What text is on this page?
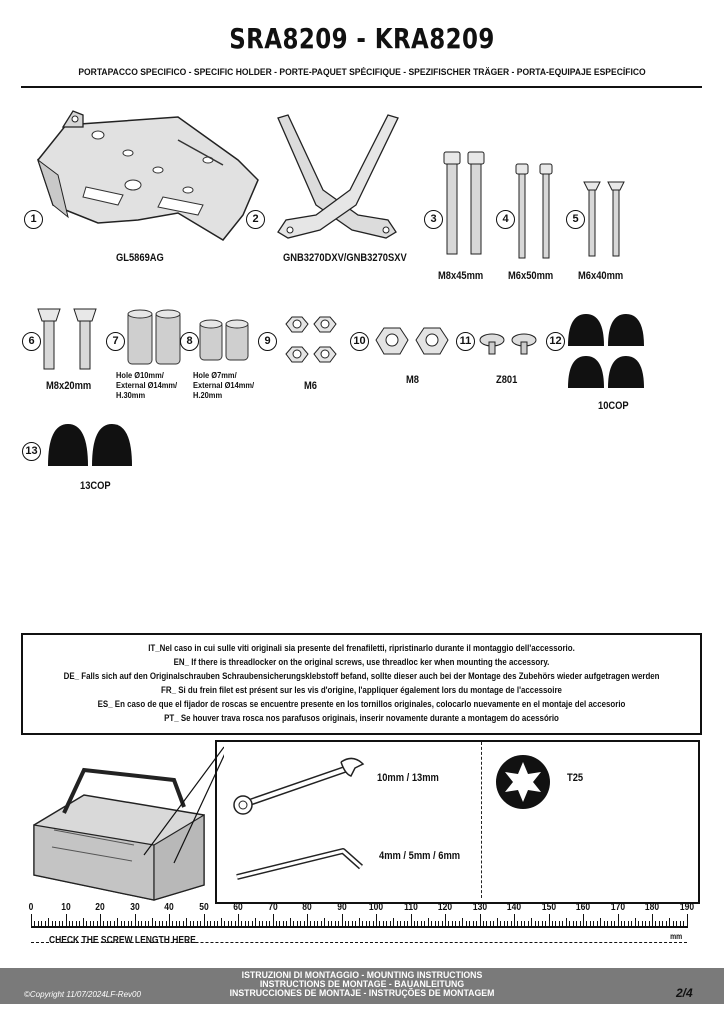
SRA8209 - KRA8209
PORTAPACCO SPECIFICO - SPECIFIC HOLDER - PORTE-PAQUET SPÉCIFIQUE - SPEZIFISCHER TRÄGER - PORTA-EQUIPAJE ESPECÍFICO
1
GL5869AG
2
GNB3270DXV/GNB3270SXV
3
M8x45mm
4
M6x50mm
5
M6x40mm
6
M8x20mm
7
Hole Ø10mm/
External Ø14mm/
H.30mm
8
Hole Ø7mm/
External Ø14mm/
H.20mm
9
M6
10
M8
11
Z801
12
10COP
13
13COP
IT_Nel caso in cui sulle viti originali sia presente del frenafiletti, ripristinarlo durante il montaggio dell'accessorio.
EN_ If there is threadlocker on the original screws, use threadloc ker when mounting the accessory.
DE_ Falls sich auf den Originalschrauben Schraubensicherungsklebstoff befand, sollte dieser auch bei der Montage des Zubehörs wieder aufgetragen werden
FR_ Si du frein filet est présent sur les vis d'origine, l'appliquer également lors du montage de l'accessoire
ES_ En caso de que el fijador de roscas se encuentre presente en los tornillos originales, colocarlo nuevamente en el montaje del accesorio
PT_ Se houver trava rosca nos parafusos originais, inserir novamente durante a montagem do acessório
10mm / 13mm
4mm / 5mm / 6mm
T25
0	10	20	30	40	50	60	70	80	90	100	110	120	130	140	150	160	170	180	190
CHECK THE SCREW LENGTH HERE	mm
ISTRUZIONI DI MONTAGGIO - MOUNTING INSTRUCTIONS
INSTRUCTIONS DE MONTAGE - BAUANLEITUNG
INSTRUCCIONES DE MONTAJE - INSTRUÇÕES DE MONTAGEM
©Copyright 11/07/2024LF-Rev00	2/4
